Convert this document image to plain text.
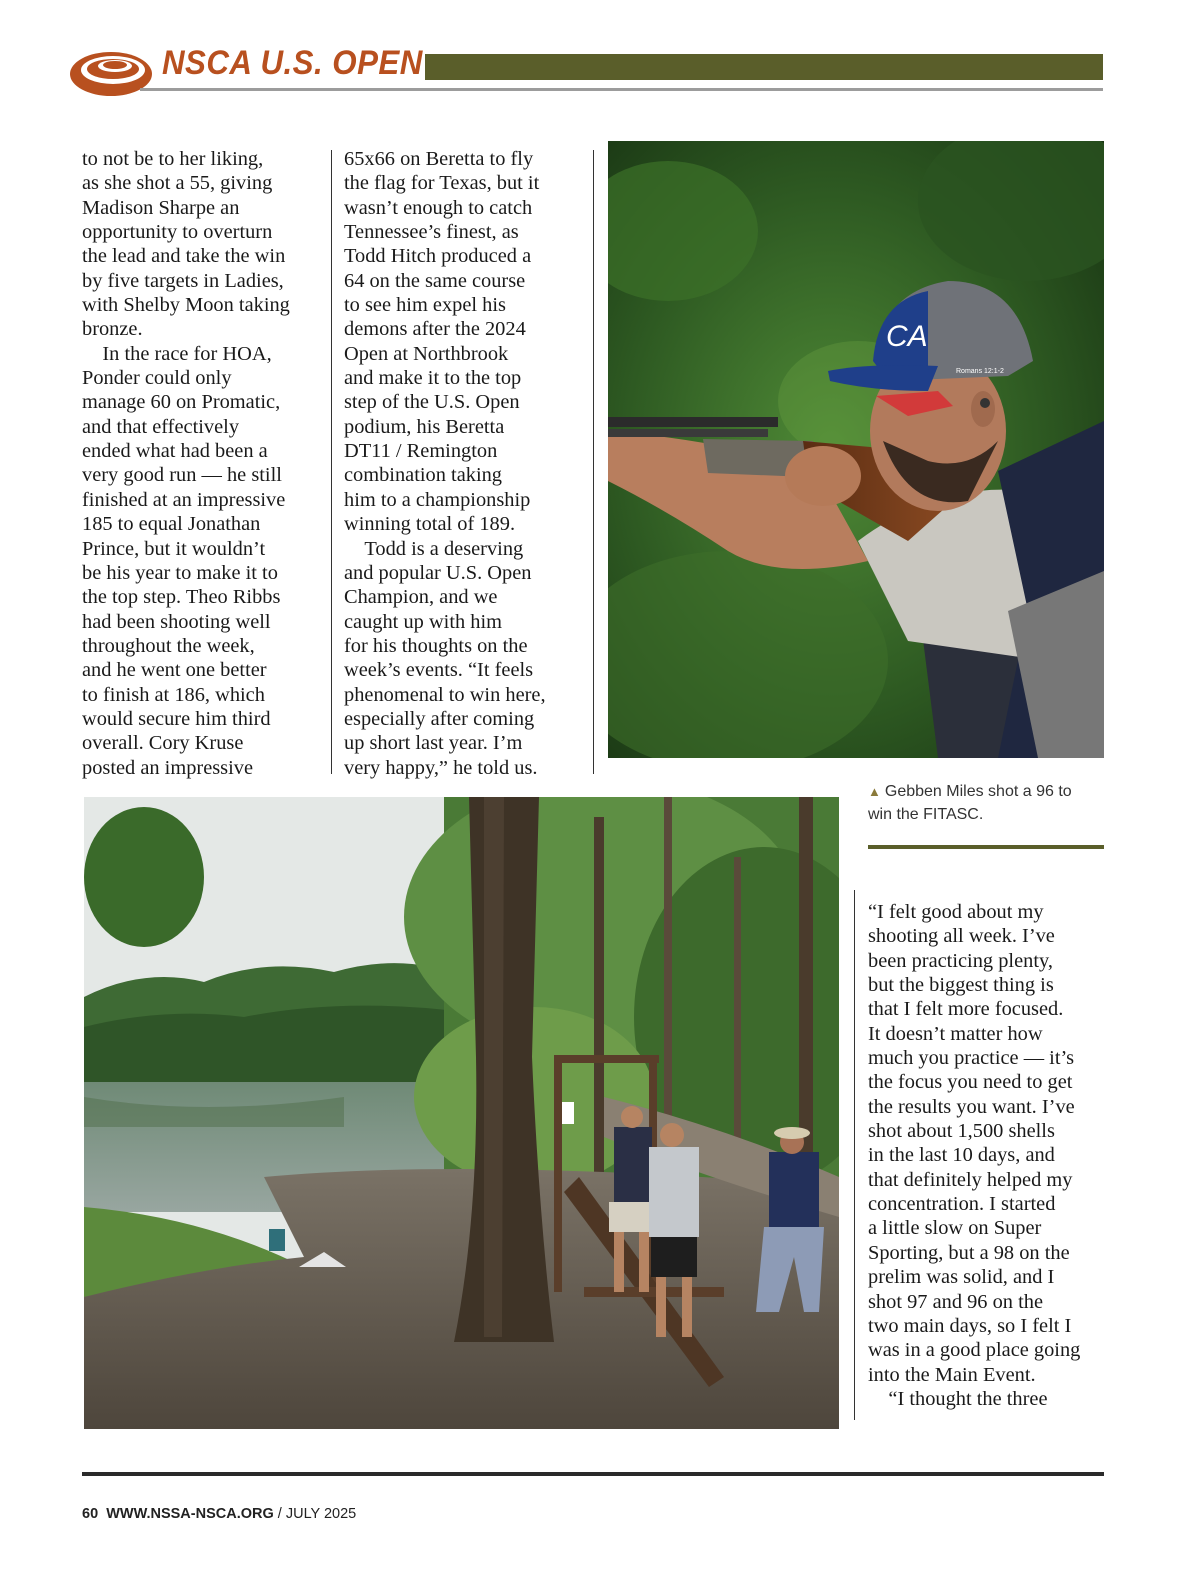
NSCA U.S. OPEN
to not be to her liking,
as she shot a 55, giving
Madison Sharpe an
opportunity to overturn
the lead and take the win
by five targets in Ladies,
with Shelby Moon taking
bronze.
 In the race for HOA,
Ponder could only
manage 60 on Promatic,
and that effectively
ended what had been a
very good run — he still
finished at an impressive
185 to equal Jonathan
Prince, but it wouldn’t
be his year to make it to
the top step. Theo Ribbs
had been shooting well
throughout the week,
and he went one better
to finish at 186, which
would secure him third
overall. Cory Kruse
posted an impressive
65x66 on Beretta to fly
the flag for Texas, but it
wasn’t enough to catch
Tennessee’s finest, as
Todd Hitch produced a
64 on the same course
to see him expel his
demons after the 2024
Open at Northbrook
and make it to the top
step of the U.S. Open
podium, his Beretta
DT11 / Remington
combination taking
him to a championship
winning total of 189.
 Todd is a deserving
and popular U.S. Open
Champion, and we
caught up with him
for his thoughts on the
week’s events. “It feels
phenomenal to win here,
especially after coming
up short last year. I’m
very happy,” he told us.
CA
Romans 12:1-2
▲ Gebben Miles shot a 96 to
win the FITASC.
“I felt good about my
shooting all week. I’ve
been practicing plenty,
but the biggest thing is
that I felt more focused.
It doesn’t matter how
much you practice — it’s
the focus you need to get
the results you want. I’ve
shot about 1,500 shells
in the last 10 days, and
that definitely helped my
concentration. I started
a little slow on Super
Sporting, but a 98 on the
prelim was solid, and I
shot 97 and 96 on the
two main days, so I felt I
was in a good place going
into the Main Event.
 “I thought the three
60 WWW.NSSA-NSCA.ORG / JULY 2025
